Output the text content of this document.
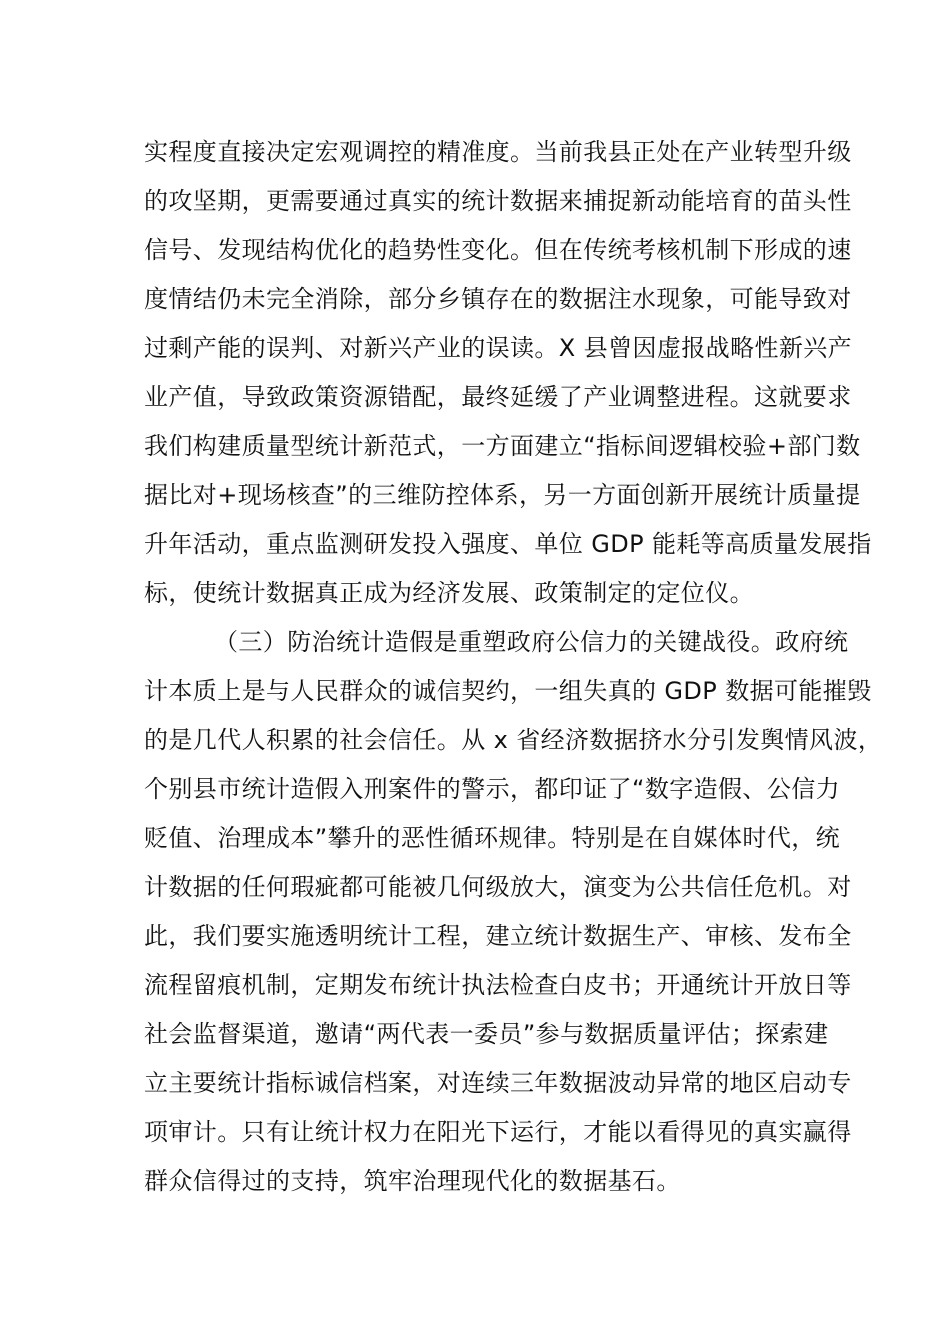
实程度直接决定宏观调控的精准度。当前我县正处在产业转型升级
的攻坚期，更需要通过真实的统计数据来捕捉新动能培育的苗头性
信号、发现结构优化的趋势性变化。但在传统考核机制下形成的速
度情结仍未完全消除，部分乡镇存在的数据注水现象，可能导致对
过剩产能的误判、对新兴产业的误读。X 县曾因虚报战略性新兴产
业产值，导致政策资源错配，最终延缓了产业调整进程。这就要求
我们构建质量型统计新范式，一方面建立“指标间逻辑校验+部门数
据比对+现场核查”的三维防控体系，另一方面创新开展统计质量提
升年活动，重点监测研发投入强度、单位 GDP 能耗等高质量发展指
标，使统计数据真正成为经济发展、政策制定的定位仪。
（三）防治统计造假是重塑政府公信力的关键战役。政府统
计本质上是与人民群众的诚信契约，一组失真的 GDP 数据可能摧毁
的是几代人积累的社会信任。从 x 省经济数据挤水分引发舆情风波，
个别县市统计造假入刑案件的警示，都印证了“数字造假、公信力
贬值、治理成本”攀升的恶性循环规律。特别是在自媒体时代，统
计数据的任何瑕疵都可能被几何级放大，演变为公共信任危机。对
此，我们要实施透明统计工程，建立统计数据生产、审核、发布全
流程留痕机制，定期发布统计执法检查白皮书；开通统计开放日等
社会监督渠道，邀请“两代表一委员”参与数据质量评估；探索建
立主要统计指标诚信档案，对连续三年数据波动异常的地区启动专
项审计。只有让统计权力在阳光下运行，才能以看得见的真实赢得
群众信得过的支持，筑牢治理现代化的数据基石。
